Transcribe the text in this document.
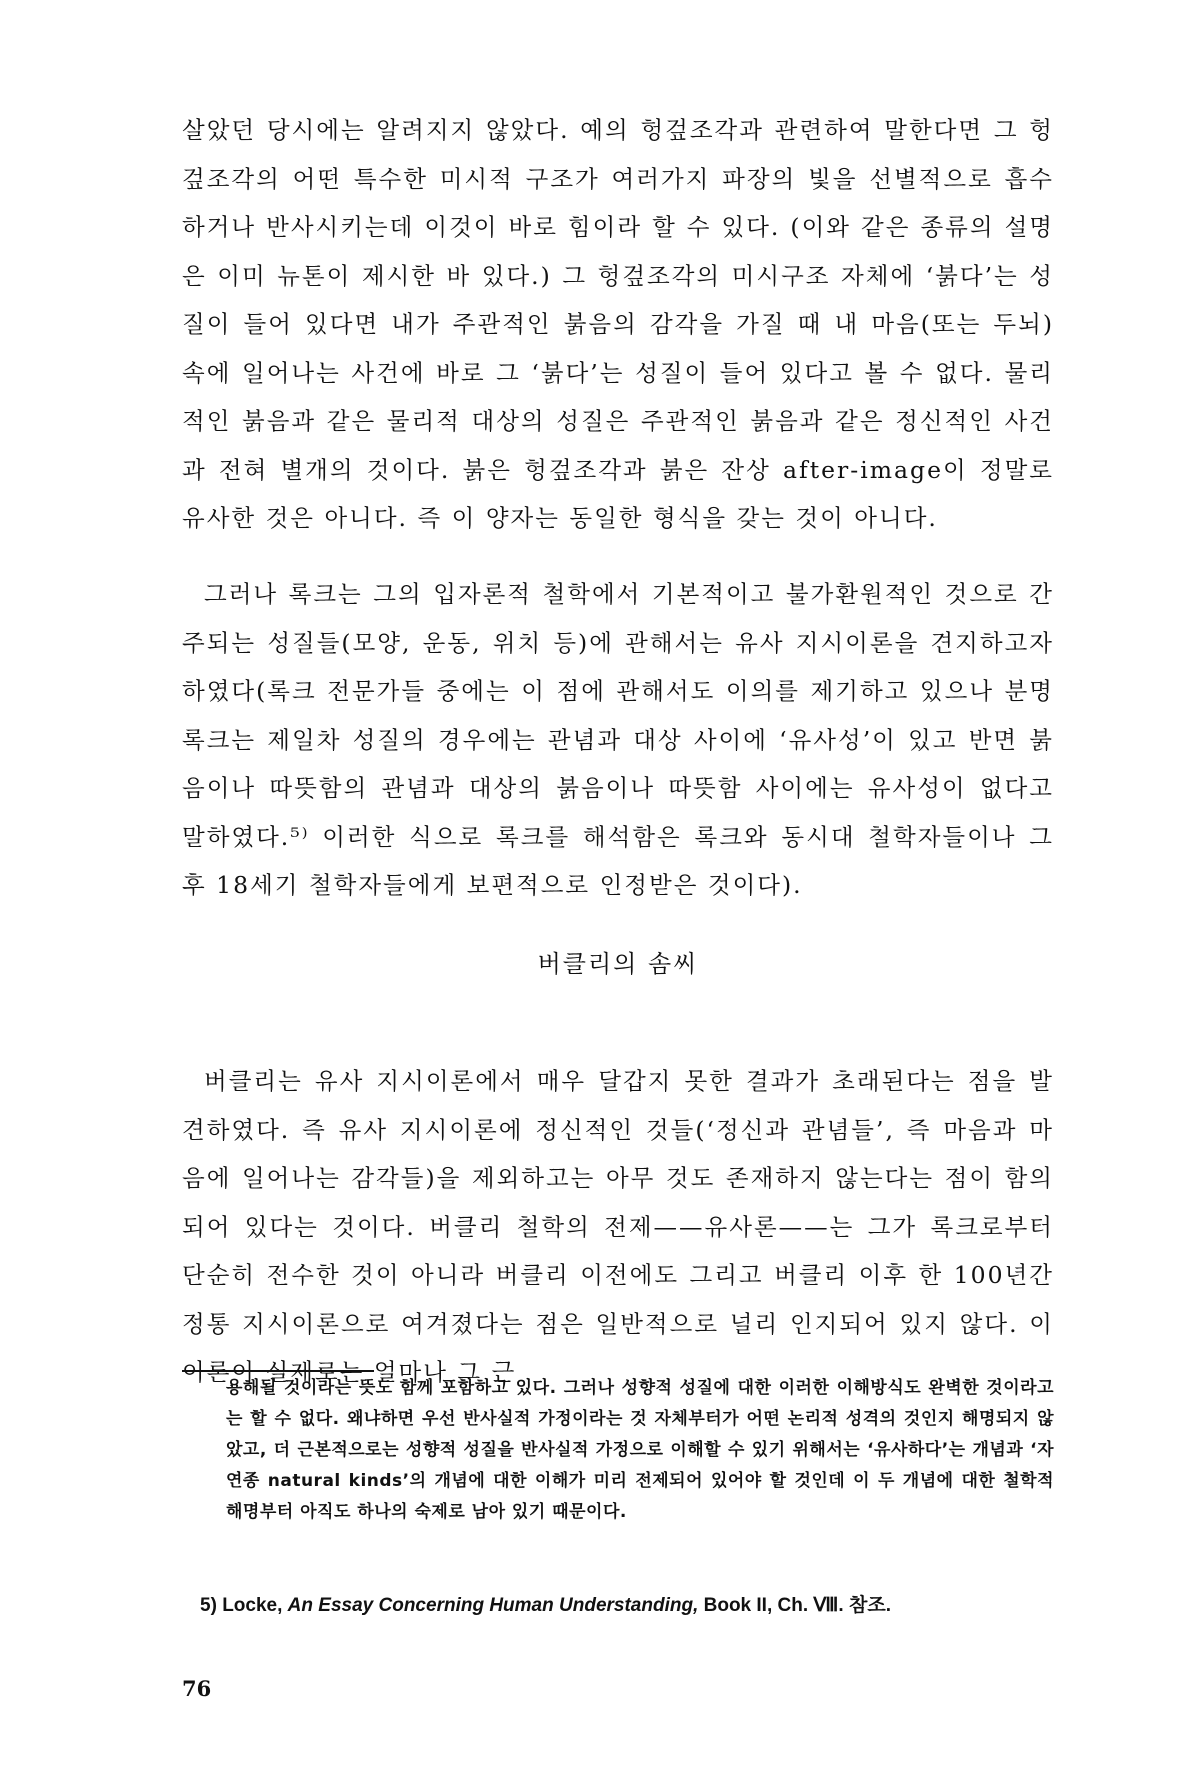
살았던 당시에는 알려지지 않았다. 예의 헝겊조각과 관련하여 말한다면 그 헝겊조각의 어떤 특수한 미시적 구조가 여러가지 파장의 빛을 선별적으로 흡수하거나 반사시키는데 이것이 바로 힘이라 할 수 있다. (이와 같은 종류의 설명은 이미 뉴톤이 제시한 바 있다.) 그 헝겊조각의 미시구조 자체에 ‘붉다’는 성질이 들어 있다면 내가 주관적인 붉음의 감각을 가질 때 내 마음(또는 두뇌) 속에 일어나는 사건에 바로 그 ‘붉다’는 성질이 들어 있다고 볼 수 없다. 물리적인 붉음과 같은 물리적 대상의 성질은 주관적인 붉음과 같은 정신적인 사건과 전혀 별개의 것이다. 붉은 헝겊조각과 붉은 잔상 after-image이 정말로 유사한 것은 아니다. 즉 이 양자는 동일한 형식을 갖는 것이 아니다.

그러나 록크는 그의 입자론적 철학에서 기본적이고 불가환원적인 것으로 간주되는 성질들(모양, 운동, 위치 등)에 관해서는 유사 지시이론을 견지하고자 하였다(록크 전문가들 중에는 이 점에 관해서도 이의를 제기하고 있으나 분명 록크는 제일차 성질의 경우에는 관념과 대상 사이에 ‘유사성’이 있고 반면 붉음이나 따뜻함의 관념과 대상의 붉음이나 따뜻함 사이에는 유사성이 없다고 말하였다.⁵⁾ 이러한 식으로 록크를 해석함은 록크와 동시대 철학자들이나 그 후 18세기 철학자들에게 보편적으로 인정받은 것이다).

버클리의 솜씨

버클리는 유사 지시이론에서 매우 달갑지 못한 결과가 초래된다는 점을 발견하였다. 즉 유사 지시이론에 정신적인 것들(‘정신과 관념들’, 즉 마음과 마음에 일어나는 감각들)을 제외하고는 아무 것도 존재하지 않는다는 점이 함의되어 있다는 것이다. 버클리 철학의 전제——유사론——는 그가 록크로부터 단순히 전수한 것이 아니라 버클리 이전에도 그리고 버클리 이후 한 100년간 정통 지시이론으로 여겨졌다는 점은 일반적으로 널리 인지되어 있지 않다. 이 이론이 실제로는 얼마나 그 근

용해될 것이라는 뜻도 함께 포함하고 있다. 그러나 성향적 성질에 대한 이러한 이해방식도 완벽한 것이라고는 할 수 없다. 왜냐하면 우선 반사실적 가정이라는 것 자체부터가 어떤 논리적 성격의 것인지 해명되지 않았고, 더 근본적으로는 성향적 성질을 반사실적 가정으로 이해할 수 있기 위해서는 ‘유사하다’는 개념과 ‘자연종 natural kinds’의 개념에 대한 이해가 미리 전제되어 있어야 할 것인데 이 두 개념에 대한 철학적 해명부터 아직도 하나의 숙제로 남아 있기 때문이다.
5) Locke, An Essay Concerning Human Understanding, Book II, Ch. Ⅷ. 참조.
76
